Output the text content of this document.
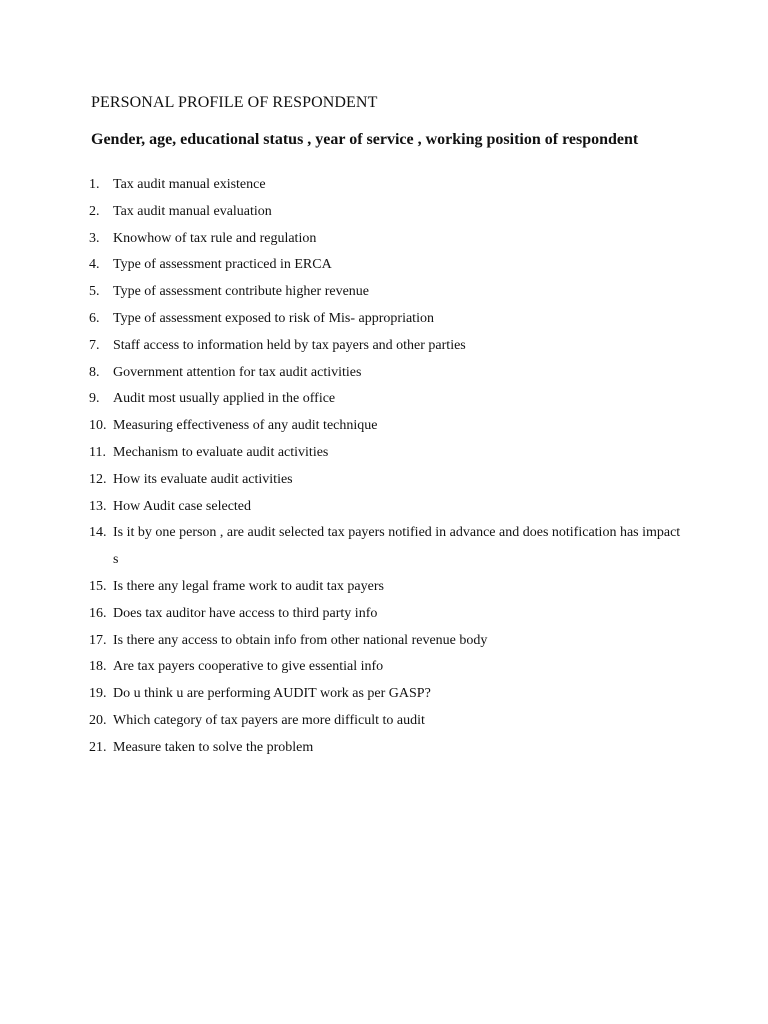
PERSONAL PROFILE OF RESPONDENT
Gender, age, educational status , year of service , working position of respondent
1. Tax audit manual existence
2. Tax audit manual evaluation
3. Knowhow of tax rule and regulation
4. Type of assessment practiced in ERCA
5. Type of assessment contribute higher revenue
6. Type of assessment exposed to risk of Mis- appropriation
7. Staff access to information held by tax payers and other parties
8. Government attention for tax audit activities
9. Audit most usually applied in the office
10. Measuring effectiveness of any audit technique
11. Mechanism to evaluate audit activities
12. How its evaluate audit activities
13. How Audit case selected
14. Is it by one person , are audit selected tax payers notified in advance and does notification has impact s
15. Is there any legal frame work to audit tax payers
16. Does tax auditor have access to third party info
17. Is there any access to obtain info from other national revenue body
18. Are tax payers cooperative to give essential info
19. Do u think u are performing AUDIT work as per GASP?
20. Which category of tax payers are more difficult to audit
21. Measure taken to solve the problem
